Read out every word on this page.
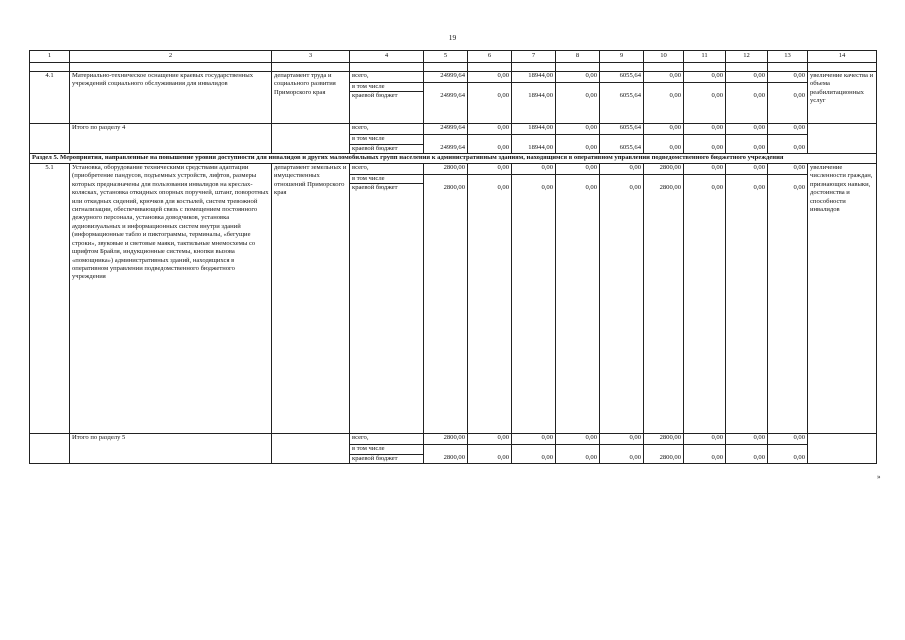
19
1	2	3	4	5	6	7	8	9	10	11	12	13	14

4.1	Материально-техническое оснащение краевых государственных учреждений социального обслуживания для инвалидов	департамент труда и социального развития Приморского края	всего,	24999,64	0,00	18944,00	0,00	6055,64	0,00	0,00	0,00	0,00	увеличение качества и объема реабилитационных услуг
			в том числе										
			краевой бюджет	24999,64	0,00	18944,00	0,00	6055,64	0,00	0,00	0,00	0,00	
	Итого по разделу 4		всего,	24999,64	0,00	18944,00	0,00	6055,64	0,00	0,00	0,00	0,00	
			в том числе										
			краевой бюджет	24999,64	0,00	18944,00	0,00	6055,64	0,00	0,00	0,00	0,00	
Раздел 5. Мероприятия, направленные на повышение уровня доступности для инвалидов и других маломобильных групп населения к административным зданиям, находящимся в оперативном управлении подведомственного бюджетного учреждения													
5.1	Установка, оборудование техническими средствами адаптации (приобретение пандусов, подъемных устройств, лифтов, размеры которых предназначены для пользования инвалидов на креслах-колясках, установка откидных опорных поручней, штанг, поворотных или откидных сидений, крючков для костылей, систем тревожной сигнализации, обеспечивающей связь с помещением постоянного дежурного персонала, установка доводчиков, установка аудиовизуальных и информационных систем внутри зданий (информационные табло и пиктограммы, терминалы, «бегущие строки», звуковые и световые маяки, тактильные мнемосхемы со шрифтом Брайля, индукционные системы, кнопки вызова «помощника») административных зданий, находящихся в оперативном управлении подведомственного бюджетного учреждения	департамент земельных и имущественных отношений Приморского края	всего,	2800,00	0,00	0,00	0,00	0,00	2800,00	0,00	0,00	0,00	увеличение численности граждан, признающих навыки, достоинства и способности инвалидов
			в том числе										
			краевой бюджет	2800,00	0,00	0,00	0,00	0,00	2800,00	0,00	0,00	0,00	
	Итого по разделу 5		всего,	2800,00	0,00	0,00	0,00	0,00	2800,00	0,00	0,00	0,00	
			в том числе										
			краевой бюджет	2800,00	0,00	0,00	0,00	0,00	2800,00	0,00	0,00	0,00	
»
